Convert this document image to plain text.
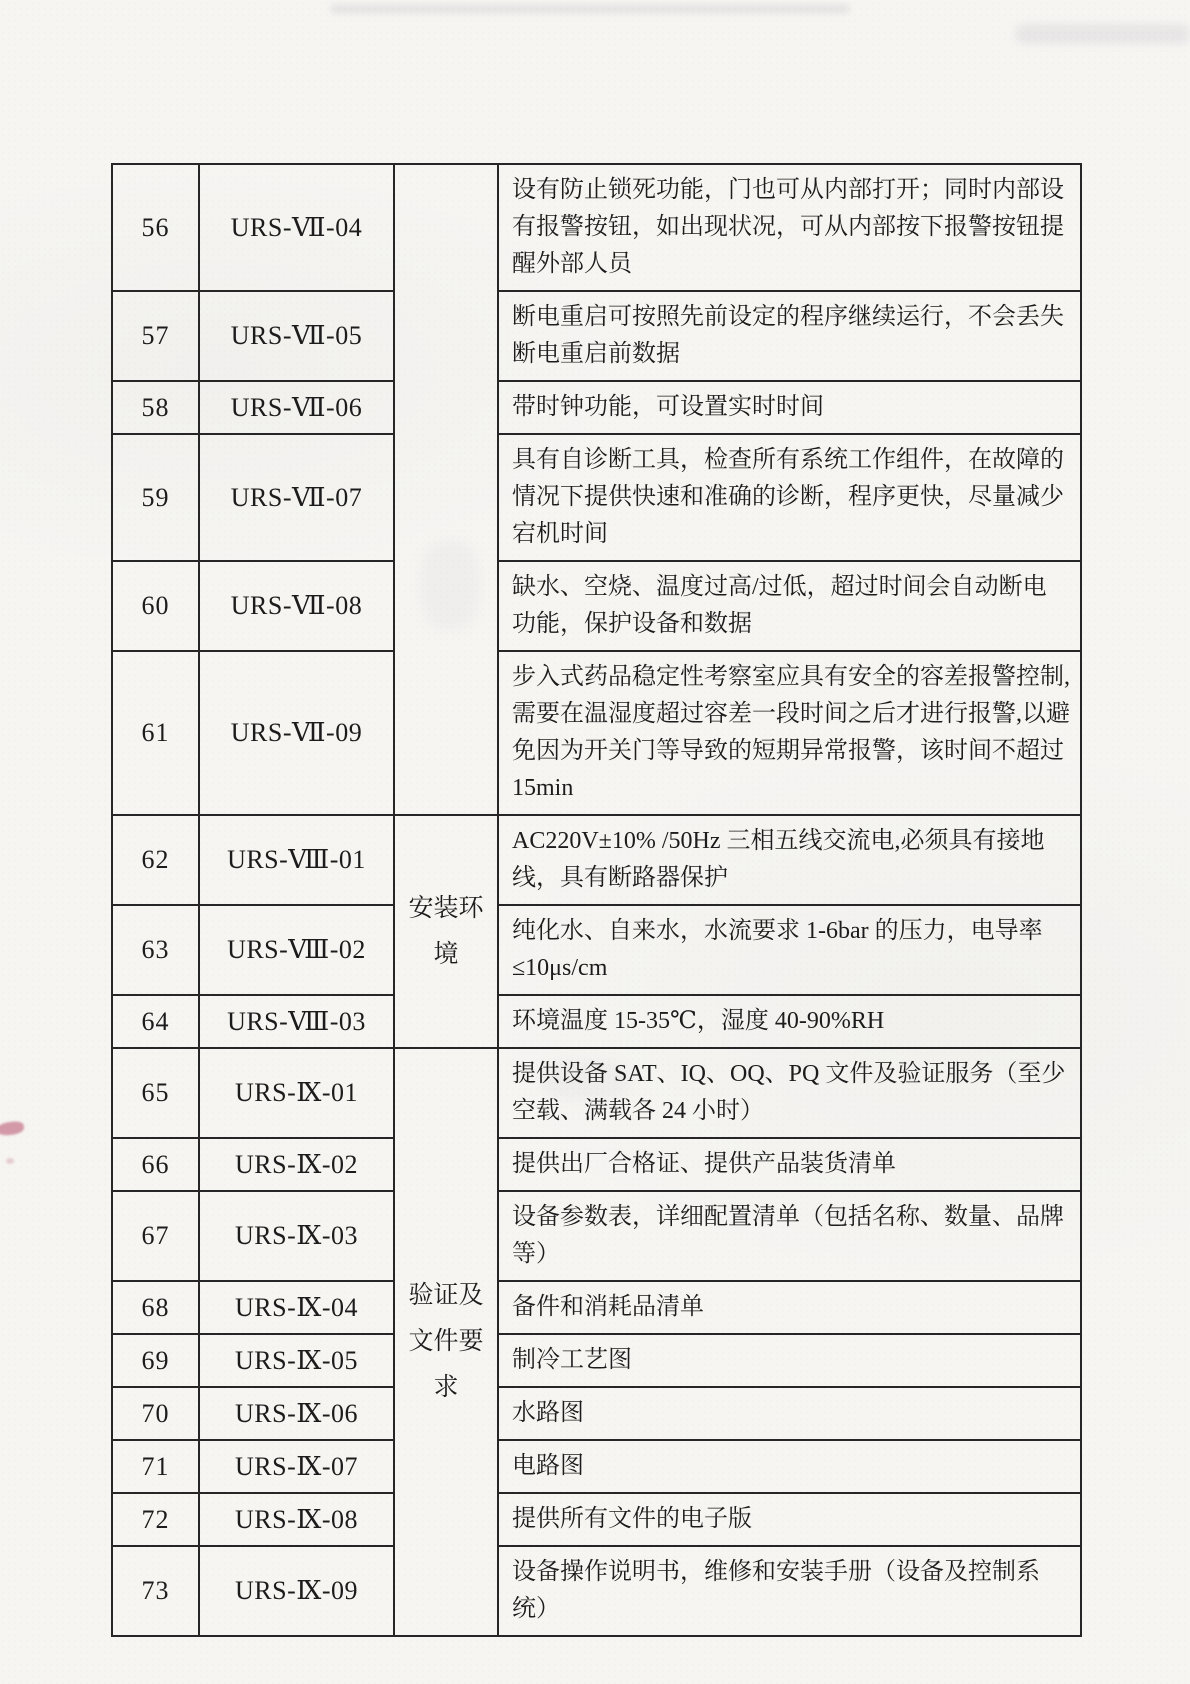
56	URS-Ⅶ-04		设有防止锁死功能，门也可从内部打开；同时内部设有报警按钮，如出现状况，可从内部按下报警按钮提醒外部人员
57	URS-Ⅶ-05		断电重启可按照先前设定的程序继续运行，不会丢失断电重启前数据
58	URS-Ⅶ-06		带时钟功能，可设置实时时间
59	URS-Ⅶ-07		具有自诊断工具，检查所有系统工作组件，在故障的情况下提供快速和准确的诊断，程序更快，尽量减少宕机时间
60	URS-Ⅶ-08		缺水、空烧、温度过高/过低，超过时间会自动断电功能，保护设备和数据
61	URS-Ⅶ-09		步入式药品稳定性考察室应具有安全的容差报警控制,需要在温湿度超过容差一段时间之后才进行报警,以避免因为开关门等导致的短期异常报警，该时间不超过 15min
62	URS-Ⅷ-01	安装环境	AC220V±10% /50Hz 三相五线交流电,必须具有接地线，具有断路器保护
63	URS-Ⅷ-02		纯化水、自来水，水流要求 1-6bar 的压力，电导率≤10μs/cm
64	URS-Ⅷ-03		环境温度 15-35℃，湿度 40-90%RH
65	URS-Ⅸ-01	验证及文件要求	提供设备 SAT、IQ、OQ、PQ 文件及验证服务（至少空载、满载各 24 小时）
66	URS-Ⅸ-02		提供出厂合格证、提供产品装货清单
67	URS-Ⅸ-03		设备参数表，详细配置清单（包括名称、数量、品牌等）
68	URS-Ⅸ-04		备件和消耗品清单
69	URS-Ⅸ-05		制冷工艺图
70	URS-Ⅸ-06		水路图
71	URS-Ⅸ-07		电路图
72	URS-Ⅸ-08		提供所有文件的电子版
73	URS-Ⅸ-09		设备操作说明书，维修和安装手册（设备及控制系统）
